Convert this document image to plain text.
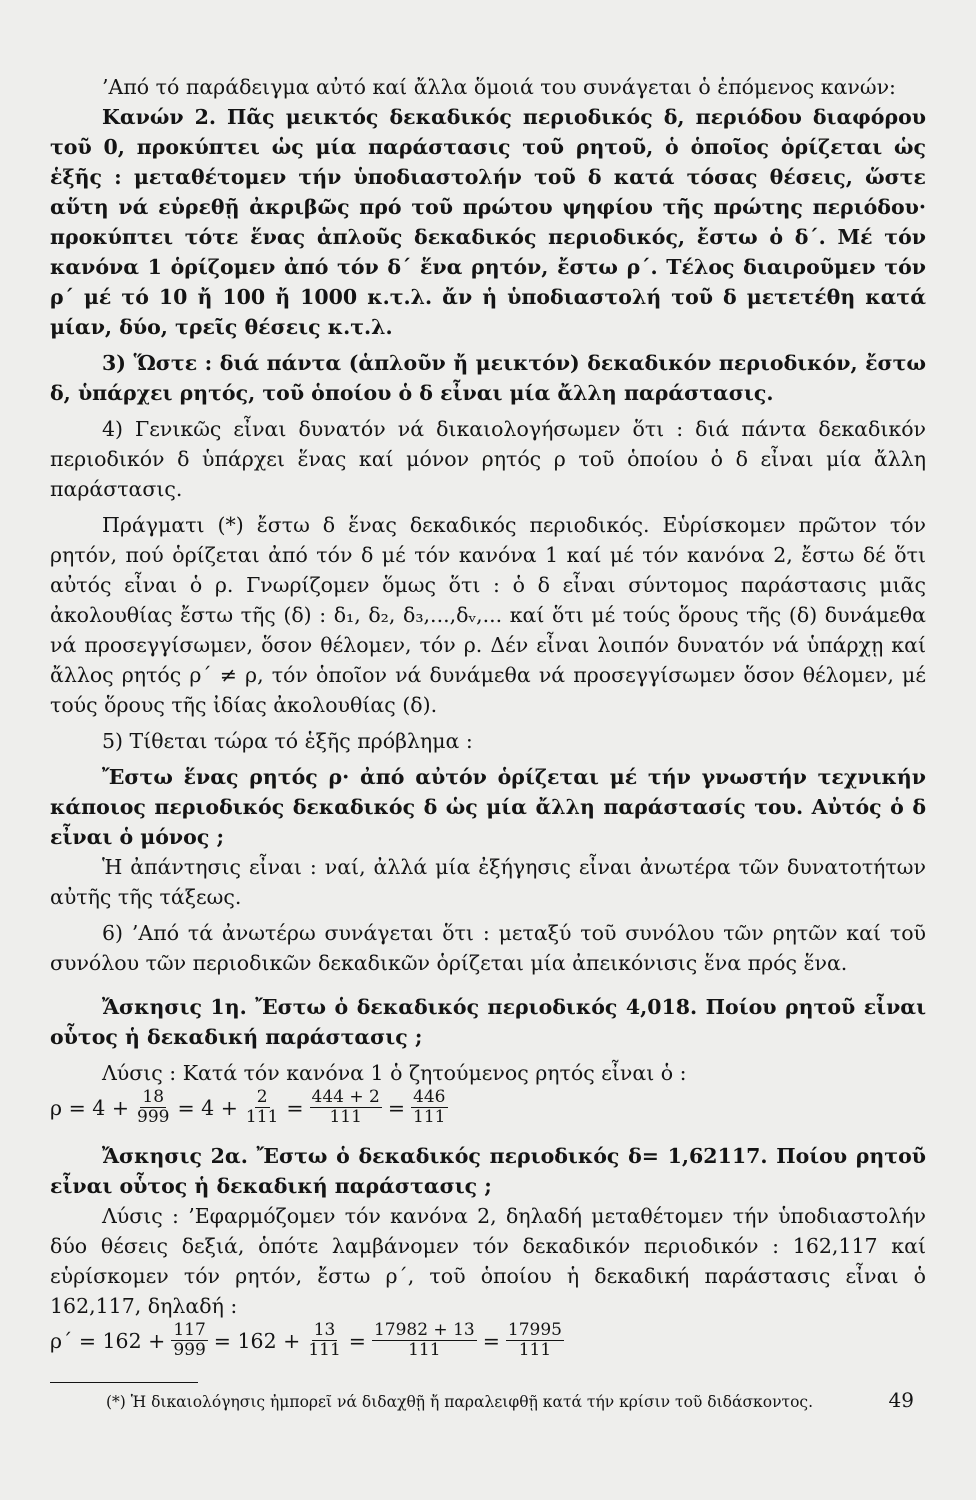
’Από τό παράδειγμα αὐτό καί ἄλλα ὅμοιά του συνάγεται ὁ ἑπόμενος κανών:

Κανών 2. Πᾶς μεικτός δεκαδικός περιοδικός δ, περιόδου διαφόρου τοῦ 0, προκύπτει ὡς μία παράστασις τοῦ ρητοῦ, ὁ ὁποῖος ὁρίζεται ὡς ἑξῆς : μεταθέτομεν τήν ὑποδιαστολήν τοῦ δ κατά τόσας θέσεις, ὥστε αὕτη νά εὑρεθῇ ἀκριβῶς πρό τοῦ πρώτου ψηφίου τῆς πρώτης περιόδου· προκύπτει τότε ἕνας ἁπλοῦς δεκαδικός περιοδικός, ἔστω ὁ δ΄. Μέ τόν κανόνα 1 ὁρίζομεν ἀπό τόν δ΄ ἕνα ρητόν, ἔστω ρ΄. Τέλος διαιροῦμεν τόν ρ΄ μέ τό 10 ἤ 100 ἤ 1000 κ.τ.λ. ἄν ἡ ὑποδιαστολή τοῦ δ μετετέθη κατά μίαν, δύο, τρεῖς θέσεις κ.τ.λ.

3) Ὥστε : διά πάντα (ἁπλοῦν ἤ μεικτόν) δεκαδικόν περιοδικόν, ἔστω δ, ὑπάρχει ρητός, τοῦ ὁποίου ὁ δ εἶναι μία ἄλλη παράστασις.

4) Γενικῶς εἶναι δυνατόν νά δικαιολογήσωμεν ὅτι : διά πάντα δεκαδικόν περιοδικόν δ ὑπάρχει ἕνας καί μόνον ρητός ρ τοῦ ὁποίου ὁ δ εἶναι μία ἄλλη παράστασις.

Πράγματι (*) ἔστω δ ἕνας δεκαδικός περιοδικός. Εὑρίσκομεν πρῶτον τόν ρητόν, πού ὁρίζεται ἀπό τόν δ μέ τόν κανόνα 1 καί μέ τόν κανόνα 2, ἔστω δέ ὅτι αὐτός εἶναι ὁ ρ. Γνωρίζομεν ὅμως ὅτι : ὁ δ εἶναι σύντομος παράστασις μιᾶς ἀκολουθίας ἔστω τῆς (δ) : δ₁, δ₂, δ₃,...,δᵥ,... καί ὅτι μέ τούς ὅρους τῆς (δ) δυνάμεθα νά προσεγγίσωμεν, ὅσον θέλομεν, τόν ρ. Δέν εἶναι λοιπόν δυνατόν νά ὑπάρχῃ καί ἄλλος ρητός ρ΄ ≠ ρ, τόν ὁποῖον νά δυνάμεθα νά προσεγγίσωμεν ὅσον θέλομεν, μέ τούς ὅρους τῆς ἰδίας ἀκολουθίας (δ).

5) Τίθεται τώρα τό ἑξῆς πρόβλημα :

Ἔστω ἕνας ρητός ρ· ἀπό αὐτόν ὁρίζεται μέ τήν γνωστήν τεχνικήν κάποιος περιοδικός δεκαδικός δ ὡς μία ἄλλη παράστασίς του. Αὐτός ὁ δ εἶναι ὁ μόνος ;

Ἡ ἀπάντησις εἶναι : ναί, ἀλλά μία ἐξήγησις εἶναι ἀνωτέρα τῶν δυνατοτήτων αὐτῆς τῆς τάξεως.

6) ’Από τά ἀνωτέρω συνάγεται ὅτι : μεταξύ τοῦ συνόλου τῶν ρητῶν καί τοῦ συνόλου τῶν περιοδικῶν δεκαδικῶν ὁρίζεται μία ἀπεικόνισις ἕνα πρός ἕνα.

Ἄσκησις 1η. Ἔστω ὁ δεκαδικός περιοδικός 4,018. Ποίου ρητοῦ εἶναι οὗτος ἡ δεκαδική παράστασις ;

Λύσις : Κατά τόν κανόνα 1 ὁ ζητούμενος ρητός εἶναι ὁ :

$\rho = 4 + \frac{18}{999} = 4 + \frac{2}{111} = \frac{444 + 2}{111} = \frac{446}{111}$

Ἄσκησις 2α. Ἔστω ὁ δεκαδικός περιοδικός δ= 1,62117. Ποίου ρητοῦ εἶναι οὗτος ἡ δεκαδική παράστασις ;

Λύσις : ’Εφαρμόζομεν τόν κανόνα 2, δηλαδή μεταθέτομεν τήν ὑποδιαστολήν δύο θέσεις δεξιά, ὁπότε λαμβάνομεν τόν δεκαδικόν περιοδικόν : 162,117 καί εὑρίσκομεν τόν ρητόν, ἔστω ρ΄, τοῦ ὁποίου ἡ δεκαδική παράστασις εἶναι ὁ 162,117, δηλαδή :

$\rho΄ = 162 + \frac{117}{999} = 162 + \frac{13}{111} = \frac{17982 + 13}{111} = \frac{17995}{111}$

(*) Ἡ δικαιολόγησις ἠμπορεῖ νά διδαχθῇ ἤ παραλειφθῇ κατά τήν κρίσιν τοῦ διδάσκοντος.	49
